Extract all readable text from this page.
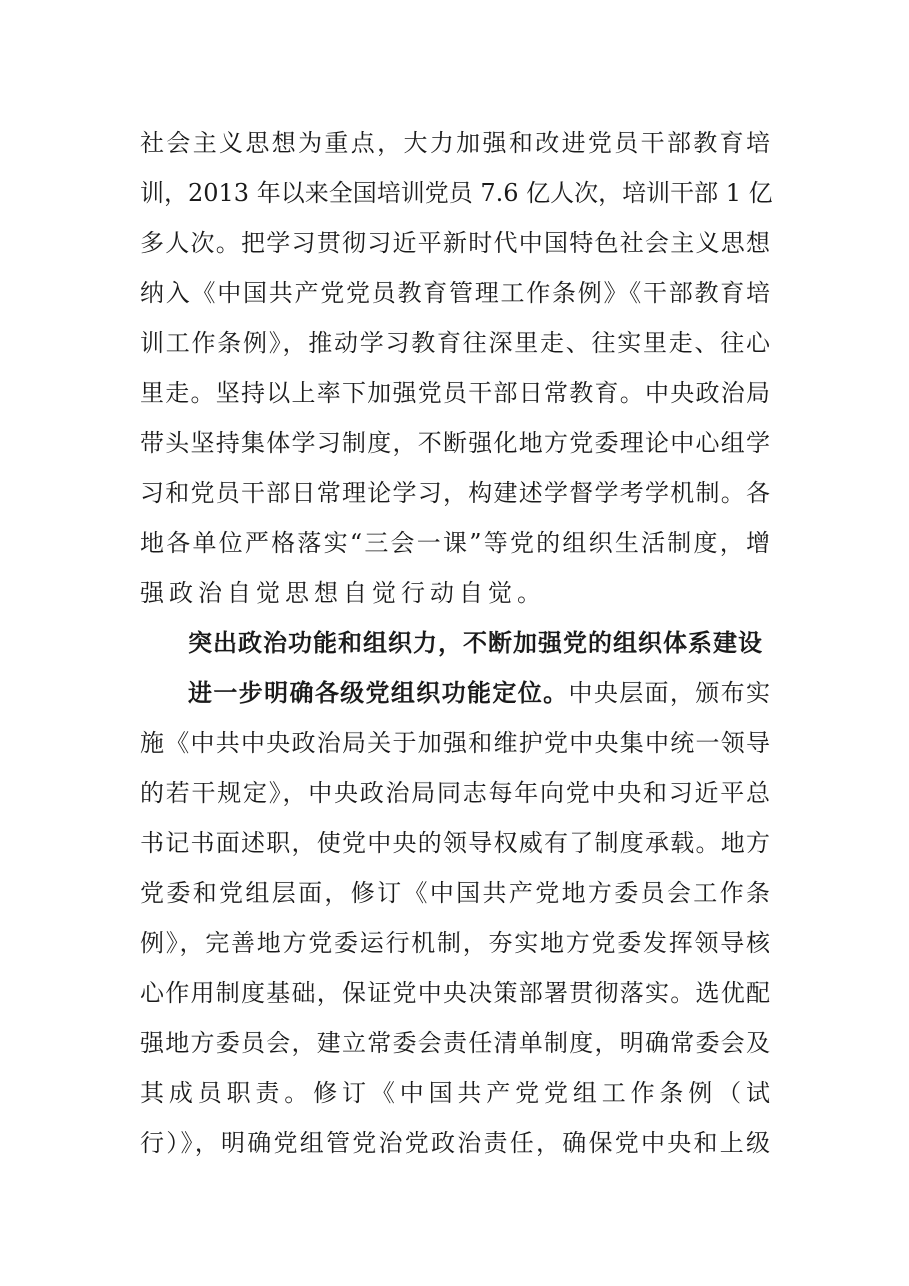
社会主义思想为重点，大力加强和改进党员干部教育培
训，2013 年以来全国培训党员 7.6 亿人次，培训干部 1 亿
多人次。把学习贯彻习近平新时代中国特色社会主义思想
纳入《中国共产党党员教育管理工作条例》《干部教育培
训工作条例》，推动学习教育往深里走、往实里走、往心
里走。坚持以上率下加强党员干部日常教育。中央政治局
带头坚持集体学习制度，不断强化地方党委理论中心组学
习和党员干部日常理论学习，构建述学督学考学机制。各
地各单位严格落实“三会一课”等党的组织生活制度，增
强政治自觉思想自觉行动自觉。
突出政治功能和组织力，不断加强党的组织体系建设
进一步明确各级党组织功能定位。中央层面，颁布实
施《中共中央政治局关于加强和维护党中央集中统一领导
的若干规定》，中央政治局同志每年向党中央和习近平总
书记书面述职，使党中央的领导权威有了制度承载。地方
党委和党组层面，修订《中国共产党地方委员会工作条
例》，完善地方党委运行机制，夯实地方党委发挥领导核
心作用制度基础，保证党中央决策部署贯彻落实。选优配
强地方委员会，建立常委会责任清单制度，明确常委会及
其成员职责。修订《中国共产党党组工作条例（试
行）》，明确党组管党治党政治责任，确保党中央和上级
